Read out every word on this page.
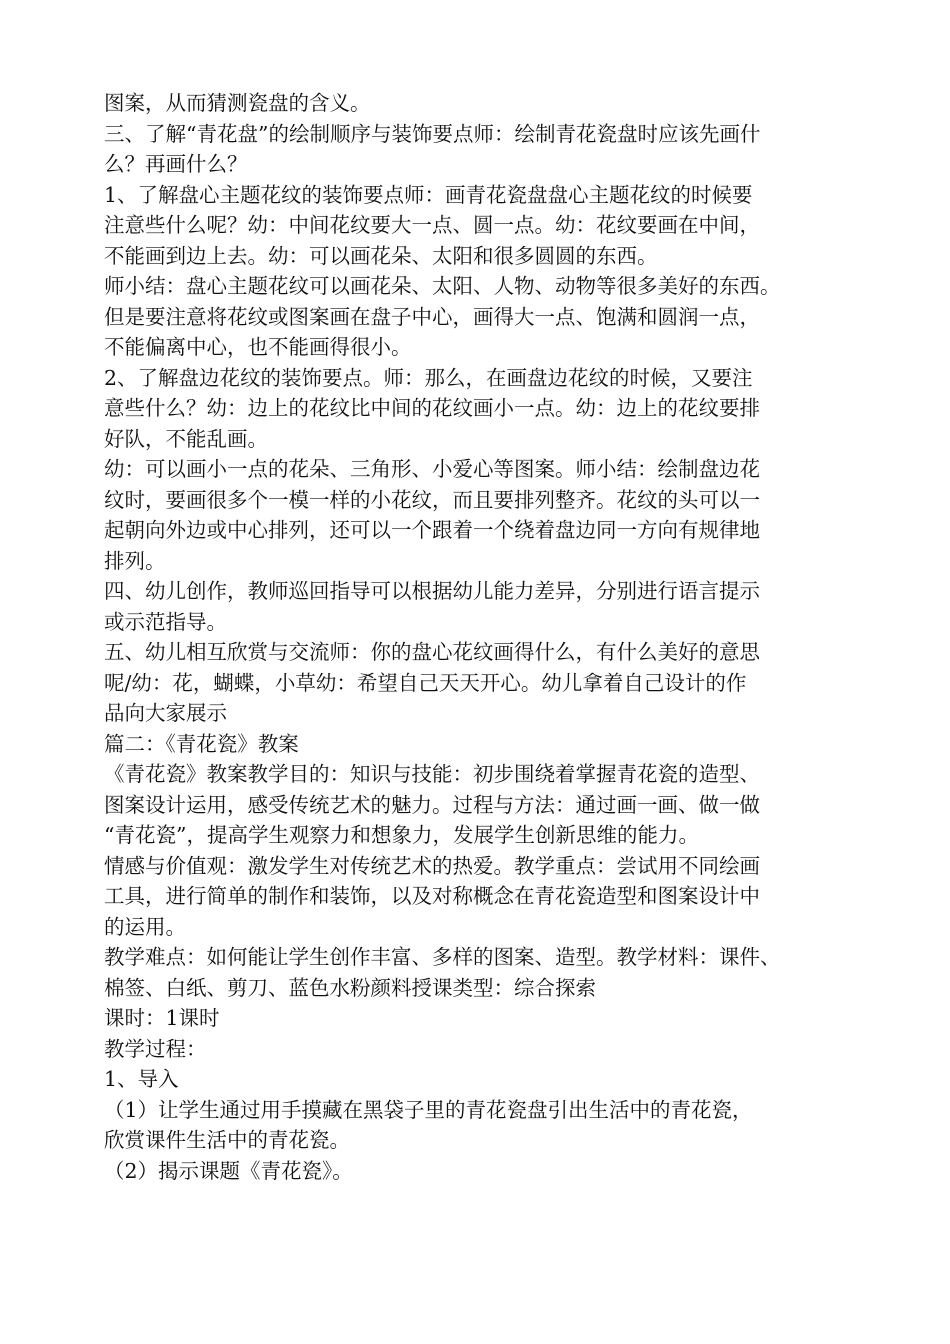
图案，从而猜测瓷盘的含义。
三、了解“青花盘”的绘制顺序与装饰要点师：绘制青花瓷盘时应该先画什
么？再画什么？
1、了解盘心主题花纹的装饰要点师：画青花瓷盘盘心主题花纹的时候要
注意些什么呢？幼：中间花纹要大一点、圆一点。幼：花纹要画在中间，
不能画到边上去。幼：可以画花朵、太阳和很多圆圆的东西。
师小结：盘心主题花纹可以画花朵、太阳、人物、动物等很多美好的东西。
但是要注意将花纹或图案画在盘子中心，画得大一点、饱满和圆润一点，
不能偏离中心，也不能画得很小。
2、了解盘边花纹的装饰要点。师：那么，在画盘边花纹的时候，又要注
意些什么？幼：边上的花纹比中间的花纹画小一点。幼：边上的花纹要排
好队，不能乱画。
幼：可以画小一点的花朵、三角形、小爱心等图案。师小结：绘制盘边花
纹时，要画很多个一模一样的小花纹，而且要排列整齐。花纹的头可以一
起朝向外边或中心排列，还可以一个跟着一个绕着盘边同一方向有规律地
排列。
四、幼儿创作，教师巡回指导可以根据幼儿能力差异，分别进行语言提示
或示范指导。
五、幼儿相互欣赏与交流师：你的盘心花纹画得什么，有什么美好的意思
呢/幼：花，蝴蝶，小草幼：希望自己天天开心。幼儿拿着自己设计的作
品向大家展示
篇二：《青花瓷》教案
《青花瓷》教案教学目的：知识与技能：初步围绕着掌握青花瓷的造型、
图案设计运用，感受传统艺术的魅力。过程与方法：通过画一画、做一做
“青花瓷”，提高学生观察力和想象力，发展学生创新思维的能力。
情感与价值观：激发学生对传统艺术的热爱。教学重点：尝试用不同绘画
工具，进行简单的制作和装饰，以及对称概念在青花瓷造型和图案设计中
的运用。
教学难点：如何能让学生创作丰富、多样的图案、造型。教学材料：课件、
棉签、白纸、剪刀、蓝色水粉颜料授课类型：综合探索
课时：1课时
教学过程：
1、导入
（1）让学生通过用手摸藏在黑袋子里的青花瓷盘引出生活中的青花瓷，
欣赏课件生活中的青花瓷。
（2）揭示课题《青花瓷》。
